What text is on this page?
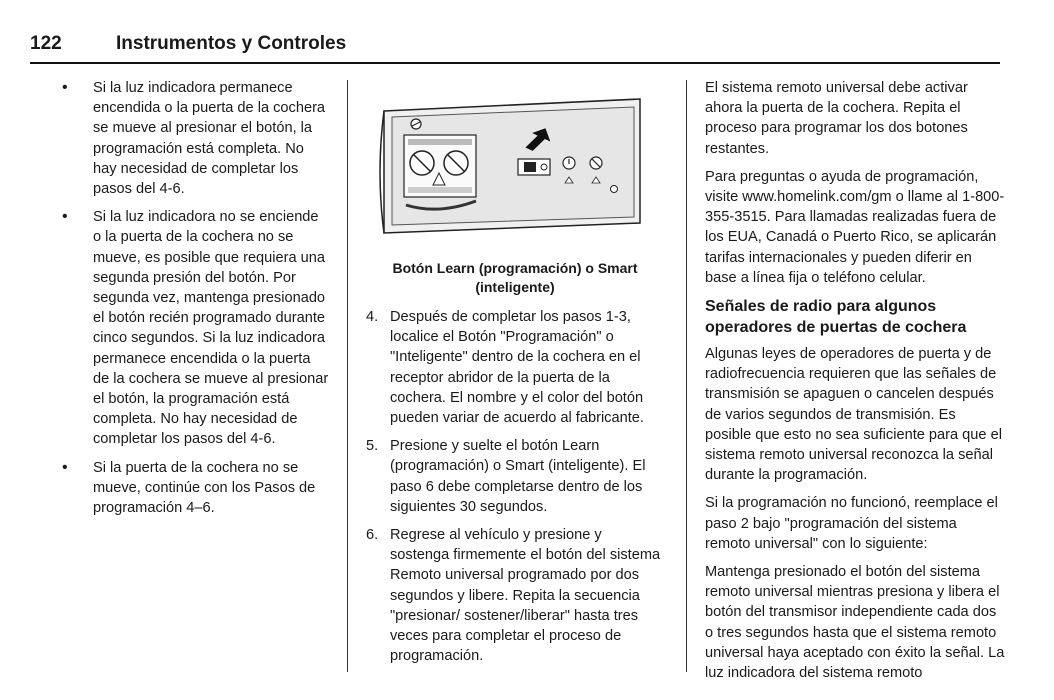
122	Instrumentos y Controles
• Si la luz indicadora permanece encendida o la puerta de la cochera se mueve al presionar el botón, la programación está completa. No hay necesidad de completar los pasos del 4-6.
• Si la luz indicadora no se enciende o la puerta de la cochera no se mueve, es posible que requiera una segunda presión del botón. Por segunda vez, mantenga presionado el botón recién programado durante cinco segundos. Si la luz indicadora permanece encendida o la puerta de la cochera se mueve al presionar el botón, la programación está completa. No hay necesidad de completar los pasos del 4-6.
• Si la puerta de la cochera no se mueve, continúe con los Pasos de programación 4–6.
Botón Learn (programación) o Smart (inteligente)
4. Después de completar los pasos 1-3, localice el Botón "Programación" o "Inteligente" dentro de la cochera en el receptor abridor de la puerta de la cochera. El nombre y el color del botón pueden variar de acuerdo al fabricante.
5. Presione y suelte el botón Learn (programación) o Smart (inteligente). El paso 6 debe completarse dentro de los siguientes 30 segundos.
6. Regrese al vehículo y presione y sostenga firmemente el botón del sistema Remoto universal programado por dos segundos y libere. Repita la secuencia "presionar/ sostener/liberar" hasta tres veces para completar el proceso de programación.

El sistema remoto universal debe activar ahora la puerta de la cochera. Repita el proceso para programar los dos botones restantes.

Para preguntas o ayuda de programación, visite www.homelink.com/gm o llame al 1-800-355-3515. Para llamadas realizadas fuera de los EUA, Canadá o Puerto Rico, se aplicarán tarifas internacionales y pueden diferir en base a línea fija o teléfono celular.

Señales de radio para algunos operadores de puertas de cochera

Algunas leyes de operadores de puerta y de radiofrecuencia requieren que las señales de transmisión se apaguen o cancelen después de varios segundos de transmisión. Es posible que esto no sea suficiente para que el sistema remoto universal reconozca la señal durante la programación.

Si la programación no funcionó, reemplace el paso 2 bajo "programación del sistema remoto universal" con lo siguiente:

Mantenga presionado el botón del sistema remoto universal mientras presiona y libera el botón del transmisor independiente cada dos o tres segundos hasta que el sistema remoto universal haya aceptado con éxito la señal. La luz indicadora del sistema remoto
